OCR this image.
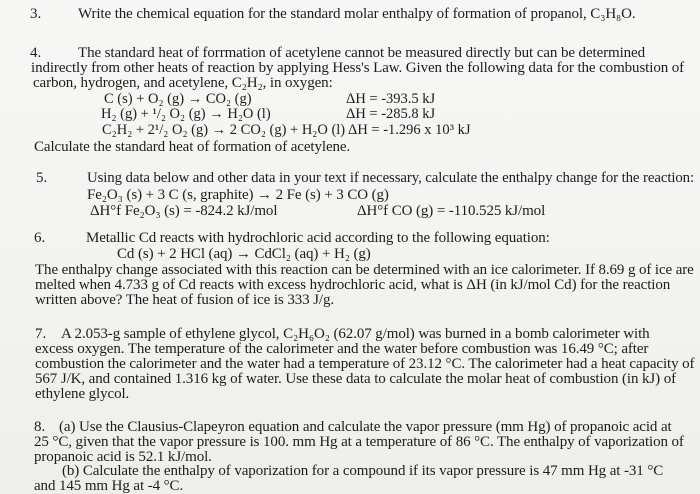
3. Write the chemical equation for the standard molar enthalpy of formation of propanol, C₃H₈O.
4. The standard heat of forrmation of acetylene cannot be measured directly but can be determined
indirectly from other heats of reaction by applying Hess's Law. Given the following data for the combustion of
carbon, hydrogen, and acetylene, C₂H₂, in oxygen:
C (s) + O₂ (g) → CO₂ (g)	ΔH = -393.5 kJ
H₂ (g) + ¹/₂ O₂ (g) → H₂O (l)	ΔH = -285.8 kJ
C₂H₂ + 2¹/₂ O₂ (g) → 2 CO₂ (g) + H₂O (l) ΔH = -1.296 x 10³ kJ
Calculate the standard heat of formation of acetylene.
5.	Using data below and other data in your text if necessary, calculate the enthalpy change for the reaction:
Fe₂O₃ (s) + 3 C (s, graphite) → 2 Fe (s) + 3 CO (g)
ΔH°f Fe₂O₃ (s) = -824.2 kJ/mol	ΔH°f CO (g) = -110.525 kJ/mol
6.	Metallic Cd reacts with hydrochloric acid according to the following equation:
Cd (s) + 2 HCl (aq) → CdCl₂ (aq) + H₂ (g)
The enthalpy change associated with this reaction can be determined with an ice calorimeter. If 8.69 g of ice are
melted when 4.733 g of Cd reacts with excess hydrochloric acid, what is ΔH (in kJ/mol Cd) for the reaction
written above? The heat of fusion of ice is 333 J/g.
7. A 2.053-g sample of ethylene glycol, C₂H₆O₂ (62.07 g/mol) was burned in a bomb calorimeter with
excess oxygen. The temperature of the calorimeter and the water before combustion was 16.49 °C; after
combustion the calorimeter and the water had a temperature of 23.12 °C. The calorimeter had a heat capacity of
567 J/K, and contained 1.316 kg of water. Use these data to calculate the molar heat of combustion (in kJ) of
ethylene glycol.
8. (a) Use the Clausius-Clapeyron equation and calculate the vapor pressure (mm Hg) of propanoic acid at
25 °C, given that the vapor pressure is 100. mm Hg at a temperature of 86 °C. The enthalpy of vaporization of
propanoic acid is 52.1 kJ/mol.
(b) Calculate the enthalpy of vaporization for a compound if its vapor pressure is 47 mm Hg at -31 °C
and 145 mm Hg at -4 °C.
